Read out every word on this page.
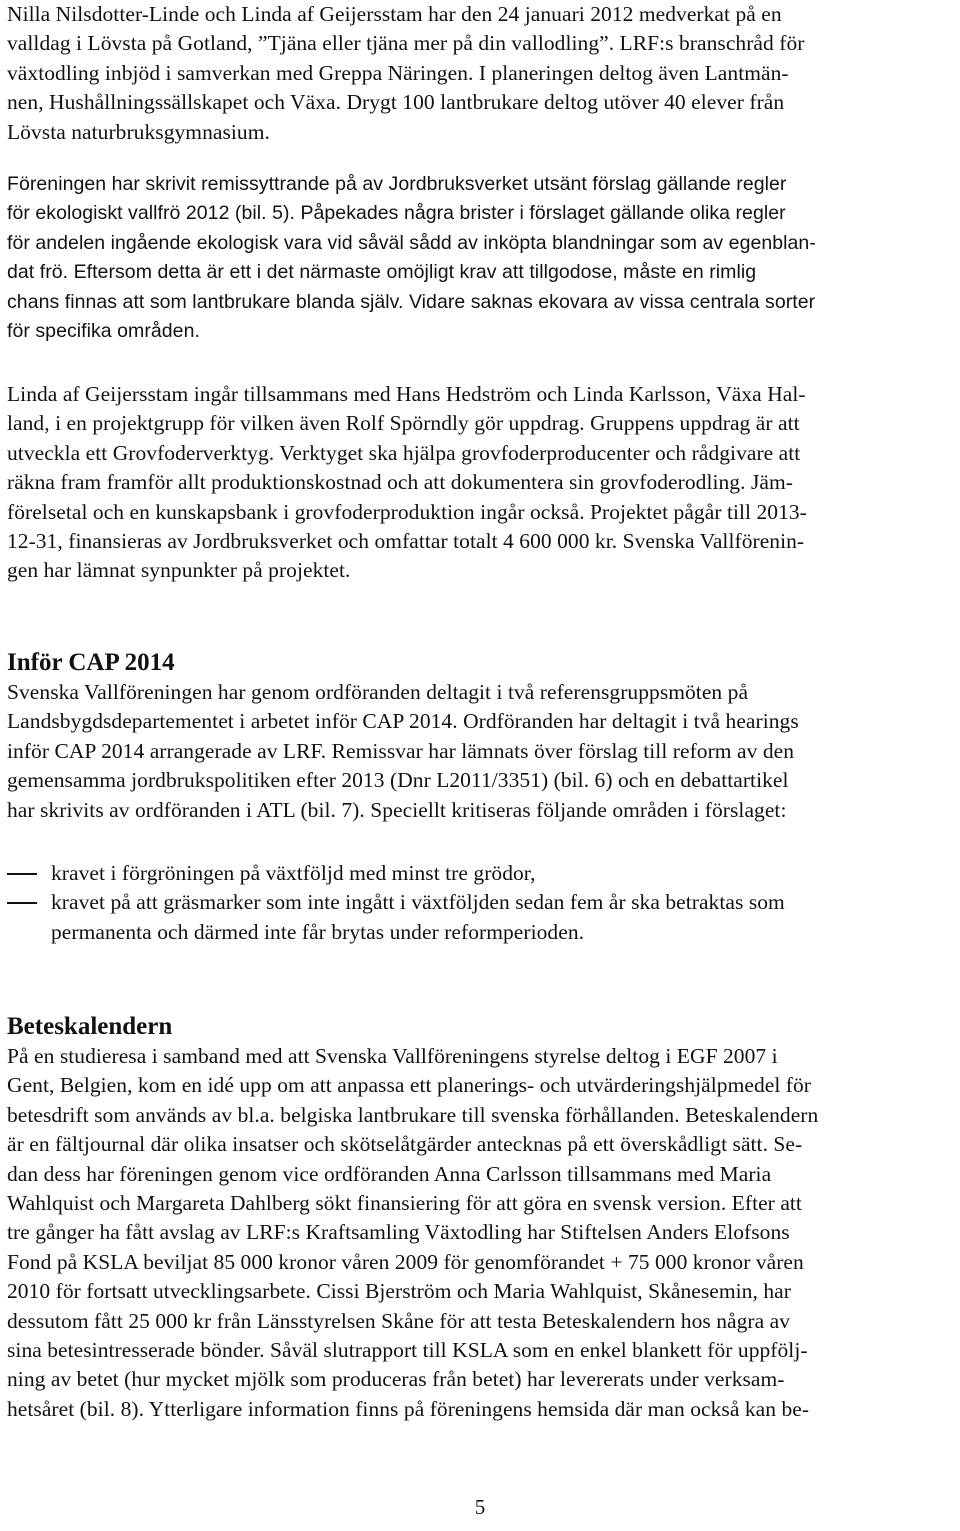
Nilla Nilsdotter-Linde och Linda af Geijersstam har den 24 januari 2012 medverkat på en
valldag i Lövsta på Gotland, ”Tjäna eller tjäna mer på din vallodling”. LRF:s branschråd för
växtodling inbjöd i samverkan med Greppa Näringen. I planeringen deltog även Lantmän-
nen, Hushållningssällskapet och Växa. Drygt 100 lantbrukare deltog utöver 40 elever från
Lövsta naturbruksgymnasium.
Föreningen har skrivit remissyttrande på av Jordbruksverket utsänt förslag gällande regler
för ekologiskt vallfrö 2012 (bil. 5). Påpekades några brister i förslaget gällande olika regler
för andelen ingående ekologisk vara vid såväl sådd av inköpta blandningar som av egenblan-
dat frö. Eftersom detta är ett i det närmaste omöjligt krav att tillgodose, måste en rimlig
chans finnas att som lantbrukare blanda själv. Vidare saknas ekovara av vissa centrala sorter
för specifika områden.
Linda af Geijersstam ingår tillsammans med Hans Hedström och Linda Karlsson, Växa Hal-
land, i en projektgrupp för vilken även Rolf Spörndly gör uppdrag. Gruppens uppdrag är att
utveckla ett Grovfoderverktyg. Verktyget ska hjälpa grovfoderproducenter och rådgivare att
räkna fram framför allt produktionskostnad och att dokumentera sin grovfoderodling. Jäm-
förelsetal och en kunskapsbank i grovfoderproduktion ingår också. Projektet pågår till 2013-
12-31, finansieras av Jordbruksverket och omfattar totalt 4 600 000 kr. Svenska Vallförenin-
gen har lämnat synpunkter på projektet.
Inför CAP 2014
Svenska Vallföreningen har genom ordföranden deltagit i två referensgruppsmöten på
Landsbygdsdepartementet i arbetet inför CAP 2014. Ordföranden har deltagit i två hearings
inför CAP 2014 arrangerade av LRF. Remissvar har lämnats över förslag till reform av den
gemensamma jordbrukspolitiken efter 2013 (Dnr L2011/3351) (bil. 6) och en debattartikel
har skrivits av ordföranden i ATL (bil. 7). Speciellt kritiseras följande områden i förslaget:
kravet i förgröningen på växtföljd med minst tre grödor,
kravet på att gräsmarker som inte ingått i växtföljden sedan fem år ska betraktas som
permanenta och därmed inte får brytas under reformperioden.
Beteskalendern
På en studieresa i samband med att Svenska Vallföreningens styrelse deltog i EGF 2007 i
Gent, Belgien, kom en idé upp om att anpassa ett planerings- och utvärderingshjälpmedel för
betesdrift som används av bl.a. belgiska lantbrukare till svenska förhållanden. Beteskalendern
är en fältjournal där olika insatser och skötselåtgärder antecknas på ett överskådligt sätt. Se-
dan dess har föreningen genom vice ordföranden Anna Carlsson tillsammans med Maria
Wahlquist och Margareta Dahlberg sökt finansiering för att göra en svensk version. Efter att
tre gånger ha fått avslag av LRF:s Kraftsamling Växtodling har Stiftelsen Anders Elofsons
Fond på KSLA beviljat 85 000 kronor våren 2009 för genomförandet + 75 000 kronor våren
2010 för fortsatt utvecklingsarbete. Cissi Bjerström och Maria Wahlquist, Skånesemin, har
dessutom fått 25 000 kr från Länsstyrelsen Skåne för att testa Beteskalendern hos några av
sina betesintresserade bönder. Såväl slutrapport till KSLA som en enkel blankett för uppfölj-
ning av betet (hur mycket mjölk som produceras från betet) har levererats under verksam-
hetsåret (bil. 8). Ytterligare information finns på föreningens hemsida där man också kan be-
5
